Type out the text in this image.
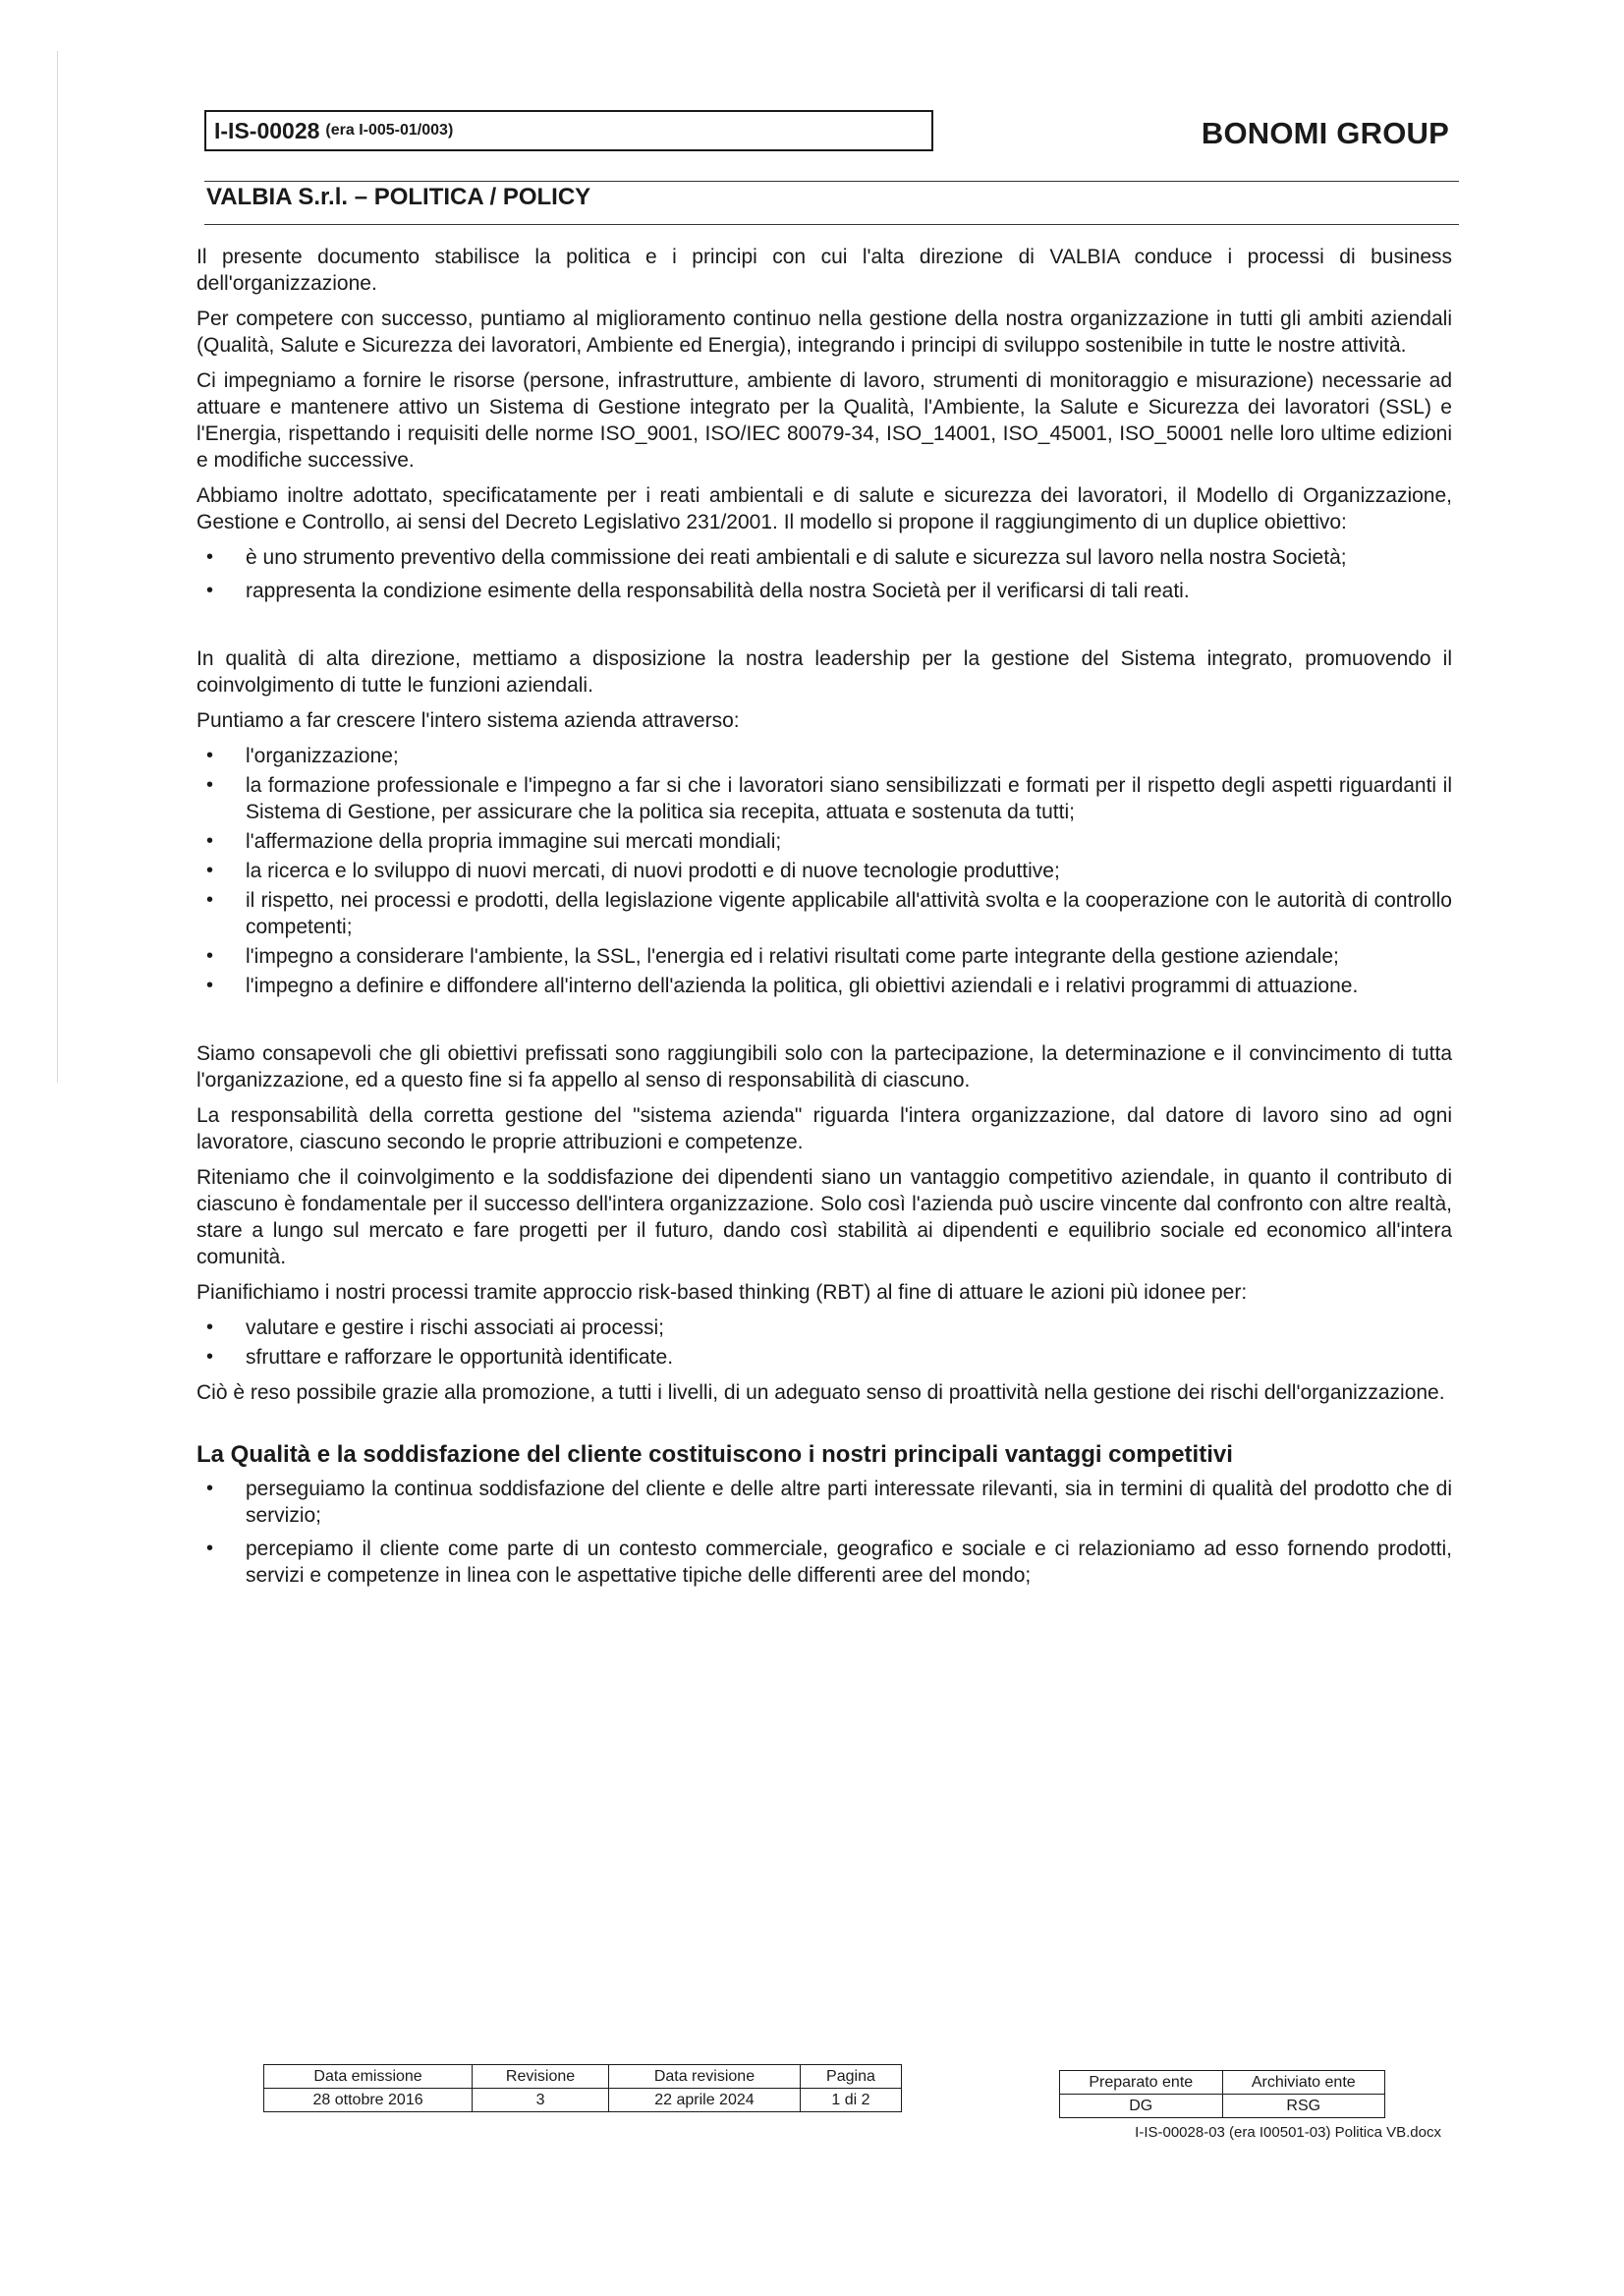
I-IS-00028 (era I-005-01/003)	BONOMI GROUP
VALBIA S.r.l. – POLITICA / POLICY

Il presente documento stabilisce la politica e i principi con cui l'alta direzione di VALBIA conduce i processi di business dell'organizzazione.

Per competere con successo, puntiamo al miglioramento continuo nella gestione della nostra organizzazione in tutti gli ambiti aziendali (Qualità, Salute e Sicurezza dei lavoratori, Ambiente ed Energia), integrando i principi di sviluppo sostenibile in tutte le nostre attività.

Ci impegniamo a fornire le risorse (persone, infrastrutture, ambiente di lavoro, strumenti di monitoraggio e misurazione) necessarie ad attuare e mantenere attivo un Sistema di Gestione integrato per la Qualità, l'Ambiente, la Salute e Sicurezza dei lavoratori (SSL) e l'Energia, rispettando i requisiti delle norme ISO_9001, ISO/IEC 80079-34, ISO_14001, ISO_45001, ISO_50001 nelle loro ultime edizioni e modifiche successive.

Abbiamo inoltre adottato, specificatamente per i reati ambientali e di salute e sicurezza dei lavoratori, il Modello di Organizzazione, Gestione e Controllo, ai sensi del Decreto Legislativo 231/2001. Il modello si propone il raggiungimento di un duplice obiettivo:

• è uno strumento preventivo della commissione dei reati ambientali e di salute e sicurezza sul lavoro nella nostra Società;
• rappresenta la condizione esimente della responsabilità della nostra Società per il verificarsi di tali reati.

In qualità di alta direzione, mettiamo a disposizione la nostra leadership per la gestione del Sistema integrato, promuovendo il coinvolgimento di tutte le funzioni aziendali.

Puntiamo a far crescere l'intero sistema azienda attraverso:

• l'organizzazione;
• la formazione professionale e l'impegno a far si che i lavoratori siano sensibilizzati e formati per il rispetto degli aspetti riguardanti il Sistema di Gestione, per assicurare che la politica sia recepita, attuata e sostenuta da tutti;
• l'affermazione della propria immagine sui mercati mondiali;
• la ricerca e lo sviluppo di nuovi mercati, di nuovi prodotti e di nuove tecnologie produttive;
• il rispetto, nei processi e prodotti, della legislazione vigente applicabile all'attività svolta e la cooperazione con le autorità di controllo competenti;
• l'impegno a considerare l'ambiente, la SSL, l'energia ed i relativi risultati come parte integrante della gestione aziendale;
• l'impegno a definire e diffondere all'interno dell'azienda la politica, gli obiettivi aziendali e i relativi programmi di attuazione.

Siamo consapevoli che gli obiettivi prefissati sono raggiungibili solo con la partecipazione, la determinazione e il convincimento di tutta l'organizzazione, ed a questo fine si fa appello al senso di responsabilità di ciascuno.

La responsabilità della corretta gestione del "sistema azienda" riguarda l'intera organizzazione, dal datore di lavoro sino ad ogni lavoratore, ciascuno secondo le proprie attribuzioni e competenze.

Riteniamo che il coinvolgimento e la soddisfazione dei dipendenti siano un vantaggio competitivo aziendale, in quanto il contributo di ciascuno è fondamentale per il successo dell'intera organizzazione. Solo così l'azienda può uscire vincente dal confronto con altre realtà, stare a lungo sul mercato e fare progetti per il futuro, dando così stabilità ai dipendenti e equilibrio sociale ed economico all'intera comunità.

Pianifichiamo i nostri processi tramite approccio risk-based thinking (RBT) al fine di attuare le azioni più idonee per:

• valutare e gestire i rischi associati ai processi;
• sfruttare e rafforzare le opportunità identificate.

Ciò è reso possibile grazie alla promozione, a tutti i livelli, di un adeguato senso di proattività nella gestione dei rischi dell'organizzazione.

La Qualità e la soddisfazione del cliente costituiscono i nostri principali vantaggi competitivi
• perseguiamo la continua soddisfazione del cliente e delle altre parti interessate rilevanti, sia in termini di qualità del prodotto che di servizio;
• percepiamo il cliente come parte di un contesto commerciale, geografico e sociale e ci relazioniamo ad esso fornendo prodotti, servizi e competenze in linea con le aspettative tipiche delle differenti aree del mondo;
Data emissione	Revisione	Data revisione	Pagina
28 ottobre 2016	3	22 aprile 2024	1 di 2
Preparato ente	Archiviato ente
DG	RSG
I-IS-00028-03 (era I00501-03) Politica VB.docx
